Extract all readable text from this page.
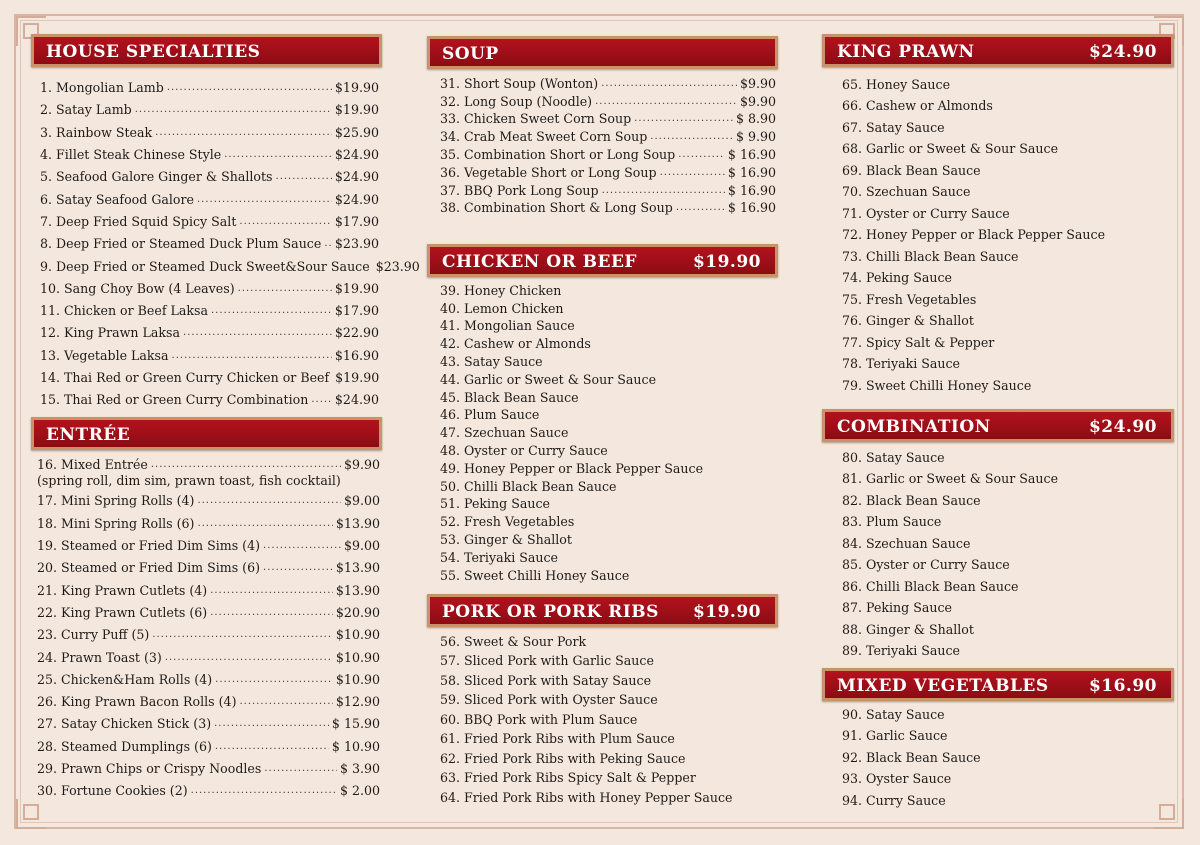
HOUSE SPECIALTIES
1. Mongolian Lamb .....	$19.90
2. Satay Lamb .....	$19.90
3. Rainbow Steak .....	$25.90
4. Fillet Steak Chinese Style .....	$24.90
5. Seafood Galore Ginger & Shallots .....	$24.90
6. Satay Seafood Galore .....	$24.90
7. Deep Fried Squid Spicy Salt .....	$17.90
8. Deep Fried or Steamed Duck Plum Sauce ..... $23.90
9. Deep Fried or Steamed Duck Sweet&Sour Sauce $23.90
10. Sang Choy Bow (4 Leaves) .....	$19.90
11. Chicken or Beef Laksa .....	$17.90
12. King Prawn Laksa .....	$22.90
13. Vegetable Laksa .....	$16.90
14. Thai Red or Green Curry Chicken or Beef $19.90
15. Thai Red or Green Curry Combination ..... $24.90
ENTRÉE
16. Mixed Entrée .....	$9.90
(spring roll, dim sim, prawn toast, fish cocktail)
17. Mini Spring Rolls (4) .....	$9.00
18. Mini Spring Rolls (6) .....	$13.90
19. Steamed or Fried Dim Sims (4) .....	$9.00
20. Steamed or Fried Dim Sims (6) .....	$13.90
21. King Prawn Cutlets (4) .....	$13.90
22. King Prawn Cutlets (6) .....	$20.90
23. Curry Puff (5) .....	$10.90
24. Prawn Toast (3) .....	$10.90
25. Chicken&Ham Rolls (4) .....	$10.90
26. King Prawn Bacon Rolls (4) .....	$12.90
27. Satay Chicken Stick (3) .....	$ 15.90
28. Steamed Dumplings (6) .....	$ 10.90
29. Prawn Chips or Crispy Noodles .....	$ 3.90
30. Fortune Cookies (2) .....	$ 2.00
SOUP
31. Short Soup (Wonton) .....	$9.90
32. Long Soup (Noodle) .....	$9.90
33. Chicken Sweet Corn Soup .....	$ 8.90
34. Crab Meat Sweet Corn Soup .....	$ 9.90
35. Combination Short or Long Soup .....	$ 16.90
36. Vegetable Short or Long Soup .....	$ 16.90
37. BBQ Pork Long Soup .....	$ 16.90
38. Combination Short & Long Soup .....	$ 16.90
CHICKEN OR BEEF	$19.90
39. Honey Chicken
40. Lemon Chicken
41. Mongolian Sauce
42. Cashew or Almonds
43. Satay Sauce
44. Garlic or Sweet & Sour Sauce
45. Black Bean Sauce
46. Plum Sauce
47. Szechuan Sauce
48. Oyster or Curry Sauce
49. Honey Pepper or Black Pepper Sauce
50. Chilli Black Bean Sauce
51. Peking Sauce
52. Fresh Vegetables
53. Ginger & Shallot
54. Teriyaki Sauce
55. Sweet Chilli Honey Sauce
PORK OR PORK RIBS $19.90
56. Sweet & Sour Pork
57. Sliced Pork with Garlic Sauce
58. Sliced Pork with Satay Sauce
59. Sliced Pork with Oyster Sauce
60. BBQ Pork with Plum Sauce
61. Fried Pork Ribs with Plum Sauce
62. Fried Pork Ribs with Peking Sauce
63. Fried Pork Ribs Spicy Salt & Pepper
64. Fried Pork Ribs with Honey Pepper Sauce
KING PRAWN	$24.90
65. Honey Sauce
66. Cashew or Almonds
67. Satay Sauce
68. Garlic or Sweet & Sour Sauce
69. Black Bean Sauce
70. Szechuan Sauce
71. Oyster or Curry Sauce
72. Honey Pepper or Black Pepper Sauce
73. Chilli Black Bean Sauce
74. Peking Sauce
75. Fresh Vegetables
76. Ginger & Shallot
77. Spicy Salt & Pepper
78. Teriyaki Sauce
79. Sweet Chilli Honey Sauce
COMBINATION	$24.90
80. Satay Sauce
81. Garlic or Sweet & Sour Sauce
82. Black Bean Sauce
83. Plum Sauce
84. Szechuan Sauce
85. Oyster or Curry Sauce
86. Chilli Black Bean Sauce
87. Peking Sauce
88. Ginger & Shallot
89. Teriyaki Sauce
MIXED VEGETABLES $16.90
90. Satay Sauce
91. Garlic Sauce
92. Black Bean Sauce
93. Oyster Sauce
94. Curry Sauce
